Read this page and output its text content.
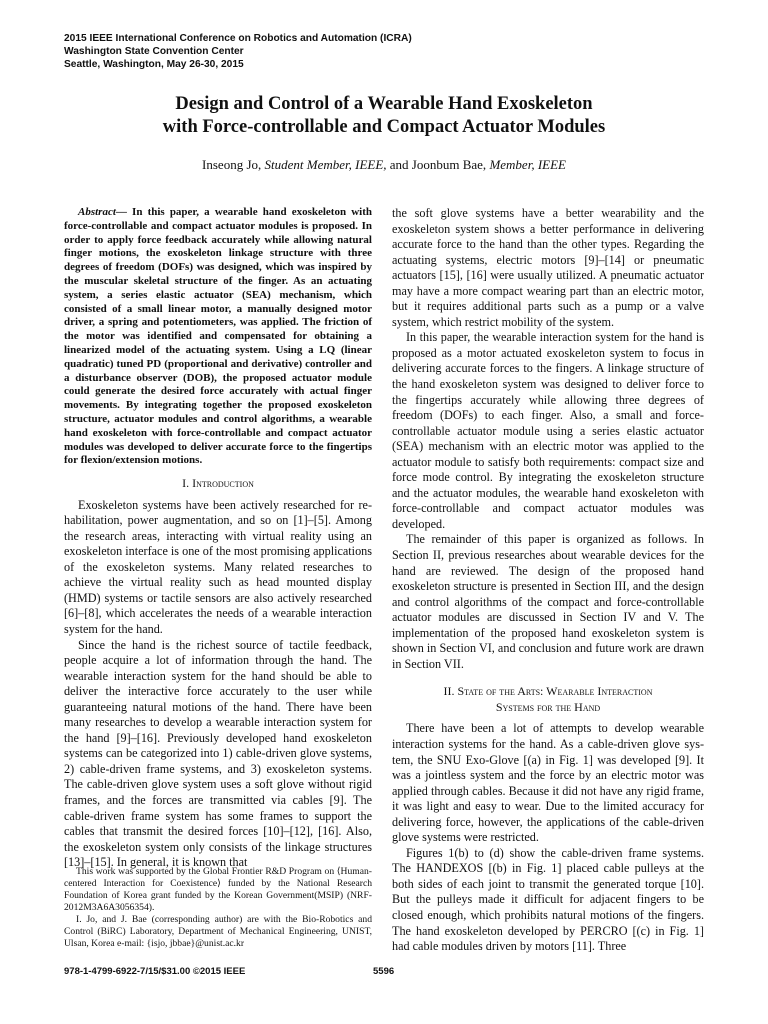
2015 IEEE International Conference on Robotics and Automation (ICRA)
Washington State Convention Center
Seattle, Washington, May 26-30, 2015
Design and Control of a Wearable Hand Exoskeleton
with Force-controllable and Compact Actuator Modules
Inseong Jo, Student Member, IEEE, and Joonbum Bae, Member, IEEE

Abstract— In this paper, a wearable hand exoskeleton with force-controllable and compact actuator modules is proposed. In order to apply force feedback accurately while allowing natural finger motions, the exoskeleton linkage structure with three degrees of freedom (DOFs) was designed, which was inspired by the muscular skeletal structure of the finger. As an actuating system, a series elastic actuator (SEA) mechanism, which consisted of a small linear motor, a manually designed motor driver, a spring and potentiometers, was applied. The friction of the motor was identified and compensated for obtaining a linearized model of the actuating system. Using a LQ (linear quadratic) tuned PD (proportional and derivative) controller and a disturbance observer (DOB), the proposed actuator module could generate the desired force accurately with actual finger movements. By integrating together the proposed exoskeleton structure, actuator modules and control algorithms, a wearable hand exoskeleton with force-controllable and compact actuator modules was developed to deliver accurate force to the fingertips for flexion/extension motions.

I. Introduction

Exoskeleton systems have been actively researched for rehabilitation, power augmentation, and so on [1]–[5]. Among the research areas, interacting with virtual reality using an exoskeleton interface is one of the most promising applications of the exoskeleton systems. Many related researches to achieve the virtual reality such as head mounted display (HMD) systems or tactile sensors are also actively researched [6]–[8], which accelerates the needs of a wearable interaction system for the hand.

Since the hand is the richest source of tactile feedback, people acquire a lot of information through the hand. The wearable interaction system for the hand should be able to deliver the interactive force accurately to the user while guaranteeing natural motions of the hand. There have been many researches to develop a wearable interaction system for the hand [9]–[16]. Previously developed hand exoskeleton systems can be categorized into 1) cable-driven glove systems, 2) cable-driven frame systems, and 3) exoskeleton systems. The cable-driven glove system uses a soft glove without rigid frames, and the forces are transmitted via cables [9]. The cable-driven frame system has some frames to support the cables that transmit the desired forces [10]–[12], [16]. Also, the exoskeleton system only consists of the linkage structures [13]–[15]. In general, it is known that

This work was supported by the Global Frontier R&D Program on ⟨Human-centered Interaction for Coexistence⟩ funded by the National Research Foundation of Korea grant funded by the Korean Government(MSIP) (NRF-2012M3A6A3056354).

I. Jo, and J. Bae (corresponding author) are with the Bio-Robotics and Control (BiRC) Laboratory, Department of Mechanical Engineering, UNIST, Ulsan, Korea e-mail: {isjo, jbbae}@unist.ac.kr

the soft glove systems have a better wearability and the exoskeleton system shows a better performance in delivering accurate force to the hand than the other types. Regarding the actuating systems, electric motors [9]–[14] or pneumatic actuators [15], [16] were usually utilized. A pneumatic actuator may have a more compact wearing part than an electric motor, but it requires additional parts such as a pump or a valve system, which restrict mobility of the system.

In this paper, the wearable interaction system for the hand is proposed as a motor actuated exoskeleton system to focus in delivering accurate forces to the fingers. A linkage structure of the hand exoskeleton system was designed to deliver force to the fingertips accurately while allowing three degrees of freedom (DOFs) to each finger. Also, a small and force-controllable actuator module using a series elastic actuator (SEA) mechanism with an electric motor was applied to the actuator module to satisfy both requirements: compact size and force mode control. By integrating the exoskeleton structure and the actuator modules, the wearable hand exoskeleton with force-controllable and compact actuator modules was developed.

The remainder of this paper is organized as follows. In Section II, previous researches about wearable devices for the hand are reviewed. The design of the proposed hand exoskeleton structure is presented in Section III, and the design and control algorithms of the compact and force-controllable actuator modules are discussed in Section IV and V. The implementation of the proposed hand exoskeleton system is shown in Section VI, and conclusion and future work are drawn in Section VII.

II. State of the Arts: Wearable Interaction
Systems for the Hand

There have been a lot of attempts to develop wearable interaction systems for the hand. As a cable-driven glove system, the SNU Exo-Glove [(a) in Fig. 1] was developed [9]. It was a jointless system and the force by an electric motor was applied through cables. Because it did not have any rigid frame, it was light and easy to wear. Due to the limited accuracy for delivering force, however, the applications of the cable-driven glove systems were restricted.

Figures 1(b) to (d) show the cable-driven frame systems. The HANDEXOS [(b) in Fig. 1] placed cable pulleys at the both sides of each joint to transmit the generated torque [10]. But the pulleys made it difficult for adjacent fingers to be closed enough, which prohibits natural motions of the fingers. The hand exoskeleton developed by PERCRO [(c) in Fig. 1] had cable modules driven by motors [11]. Three

978-1-4799-6922-7/15/$31.00 ©2015 IEEE	5596
